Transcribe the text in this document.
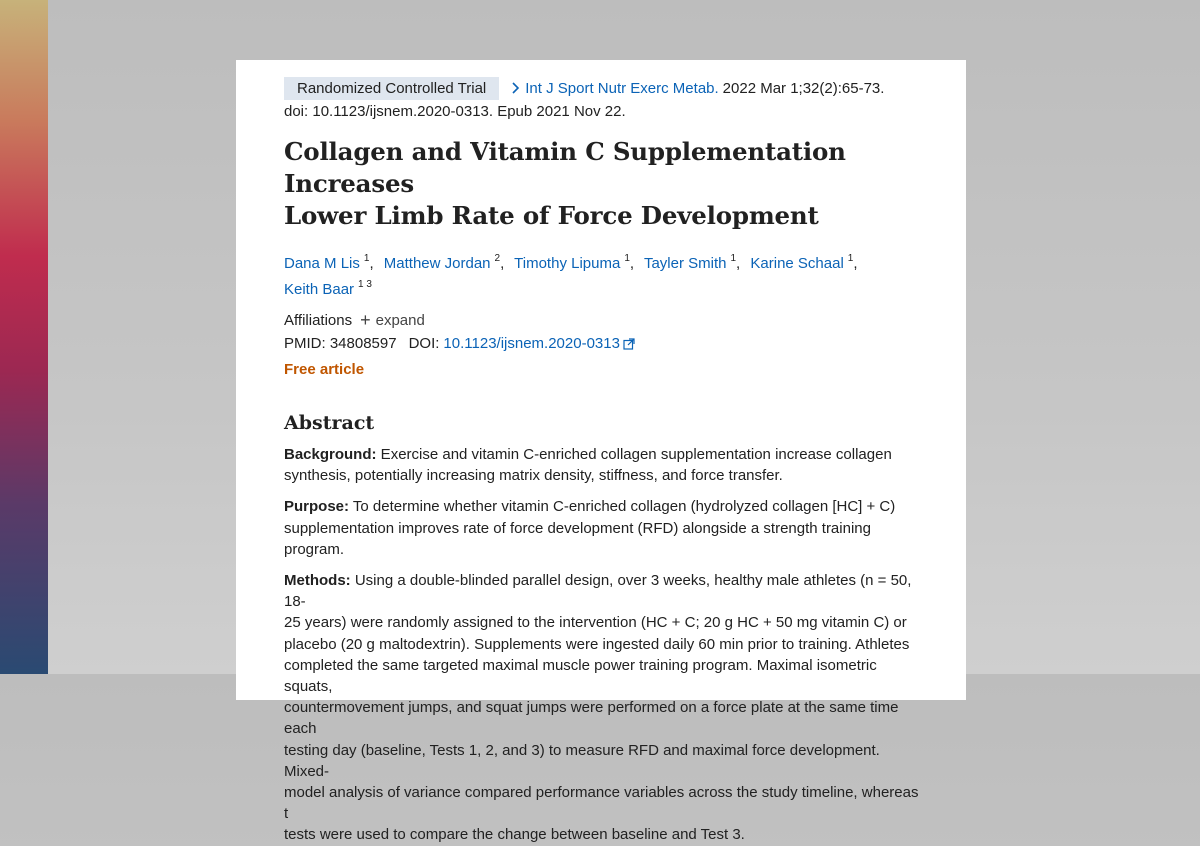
Randomized Controlled Trial	Int J Sport Nutr Exerc Metab. 2022 Mar 1;32(2):65-73.
doi: 10.1123/ijsnem.2020-0313. Epub 2021 Nov 22.
Collagen and Vitamin C Supplementation Increases
Lower Limb Rate of Force Development
Dana M Lis $^1$, Matthew Jordan $^2$, Timothy Lipuma $^1$, Tayler Smith $^1$, Karine Schaal $^1$,
Keith Baar $^{1 3}$
Affiliations + expand
PMID: 34808597 DOI: 10.1123/ijsnem.2020-0313
Free article
Abstract
Background: Exercise and vitamin C-enriched collagen supplementation increase collagen
synthesis, potentially increasing matrix density, stiffness, and force transfer.
Purpose: To determine whether vitamin C-enriched collagen (hydrolyzed collagen [HC] + C)
supplementation improves rate of force development (RFD) alongside a strength training program.
Methods: Using a double-blinded parallel design, over 3 weeks, healthy male athletes (n = 50, 18-
25 years) were randomly assigned to the intervention (HC + C; 20 g HC + 50 mg vitamin C) or
placebo (20 g maltodextrin). Supplements were ingested daily 60 min prior to training. Athletes
completed the same targeted maximal muscle power training program. Maximal isometric squats,
countermovement jumps, and squat jumps were performed on a force plate at the same time each
testing day (baseline, Tests 1, 2, and 3) to measure RFD and maximal force development. Mixed-
model analysis of variance compared performance variables across the study timeline, whereas t
tests were used to compare the change between baseline and Test 3.
